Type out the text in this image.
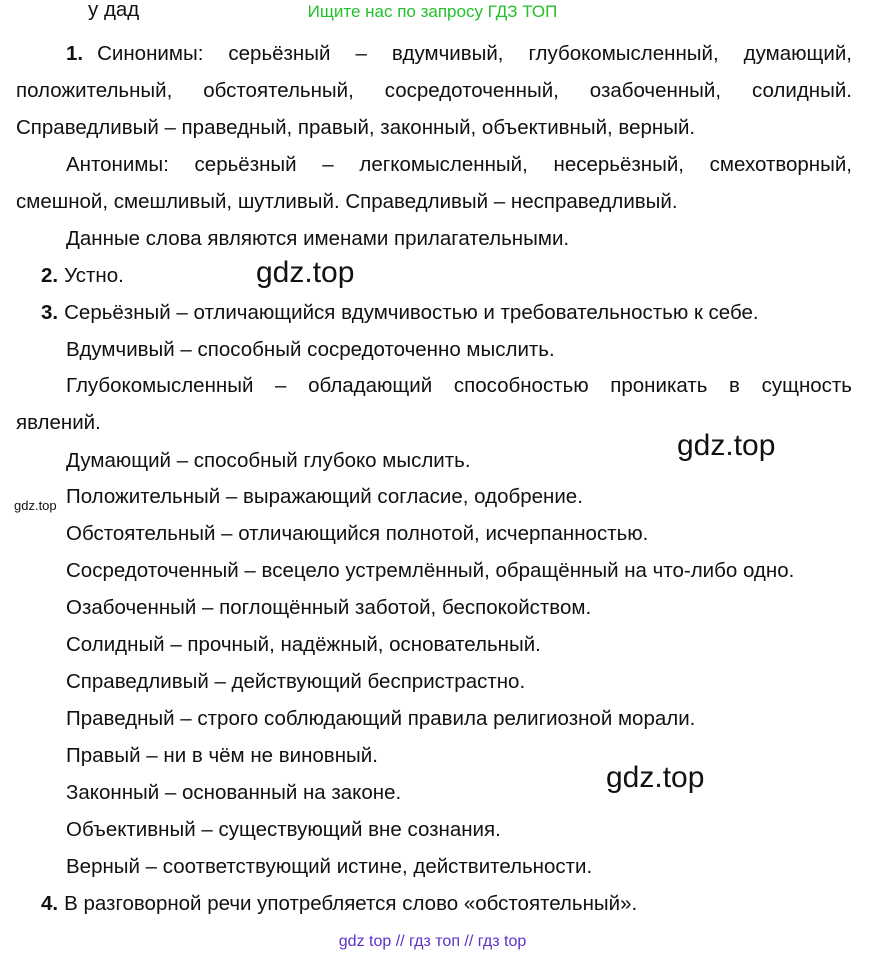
Ищите нас по запросу ГДЗ ТОП
у дад
1. Синонимы: серьёзный – вдумчивый, глубокомысленный, думающий,
положительный, обстоятельный, сосредоточенный, озабоченный, солидный.
Справедливый – праведный, правый, законный, объективный, верный.
Антонимы: серьёзный – легкомысленный, несерьёзный, смехотворный,
смешной, смешливый, шутливый. Справедливый – несправедливый.
Данные слова являются именами прилагательными.
2. Устно.
3. Серьёзный – отличающийся вдумчивостью и требовательностью к себе.
Вдумчивый – способный сосредоточенно мыслить.
Глубокомысленный – обладающий способностью проникать в сущность
явлений.
Думающий – способный глубоко мыслить.
Положительный – выражающий согласие, одобрение.
Обстоятельный – отличающийся полнотой, исчерпанностью.
Сосредоточенный – всецело устремлённый, обращённый на что-либо одно.
Озабоченный – поглощённый заботой, беспокойством.
Солидный – прочный, надёжный, основательный.
Справедливый – действующий беспристрастно.
Праведный – строго соблюдающий правила религиозной морали.
Правый – ни в чём не виновный.
Законный – основанный на законе.
Объективный – существующий вне сознания.
Верный – соответствующий истине, действительности.
4. В разговорной речи употребляется слово «обстоятельный».
gdz.top
gdz.top
gdz.top
gdz.top
gdz top // гдз топ // гдз top
